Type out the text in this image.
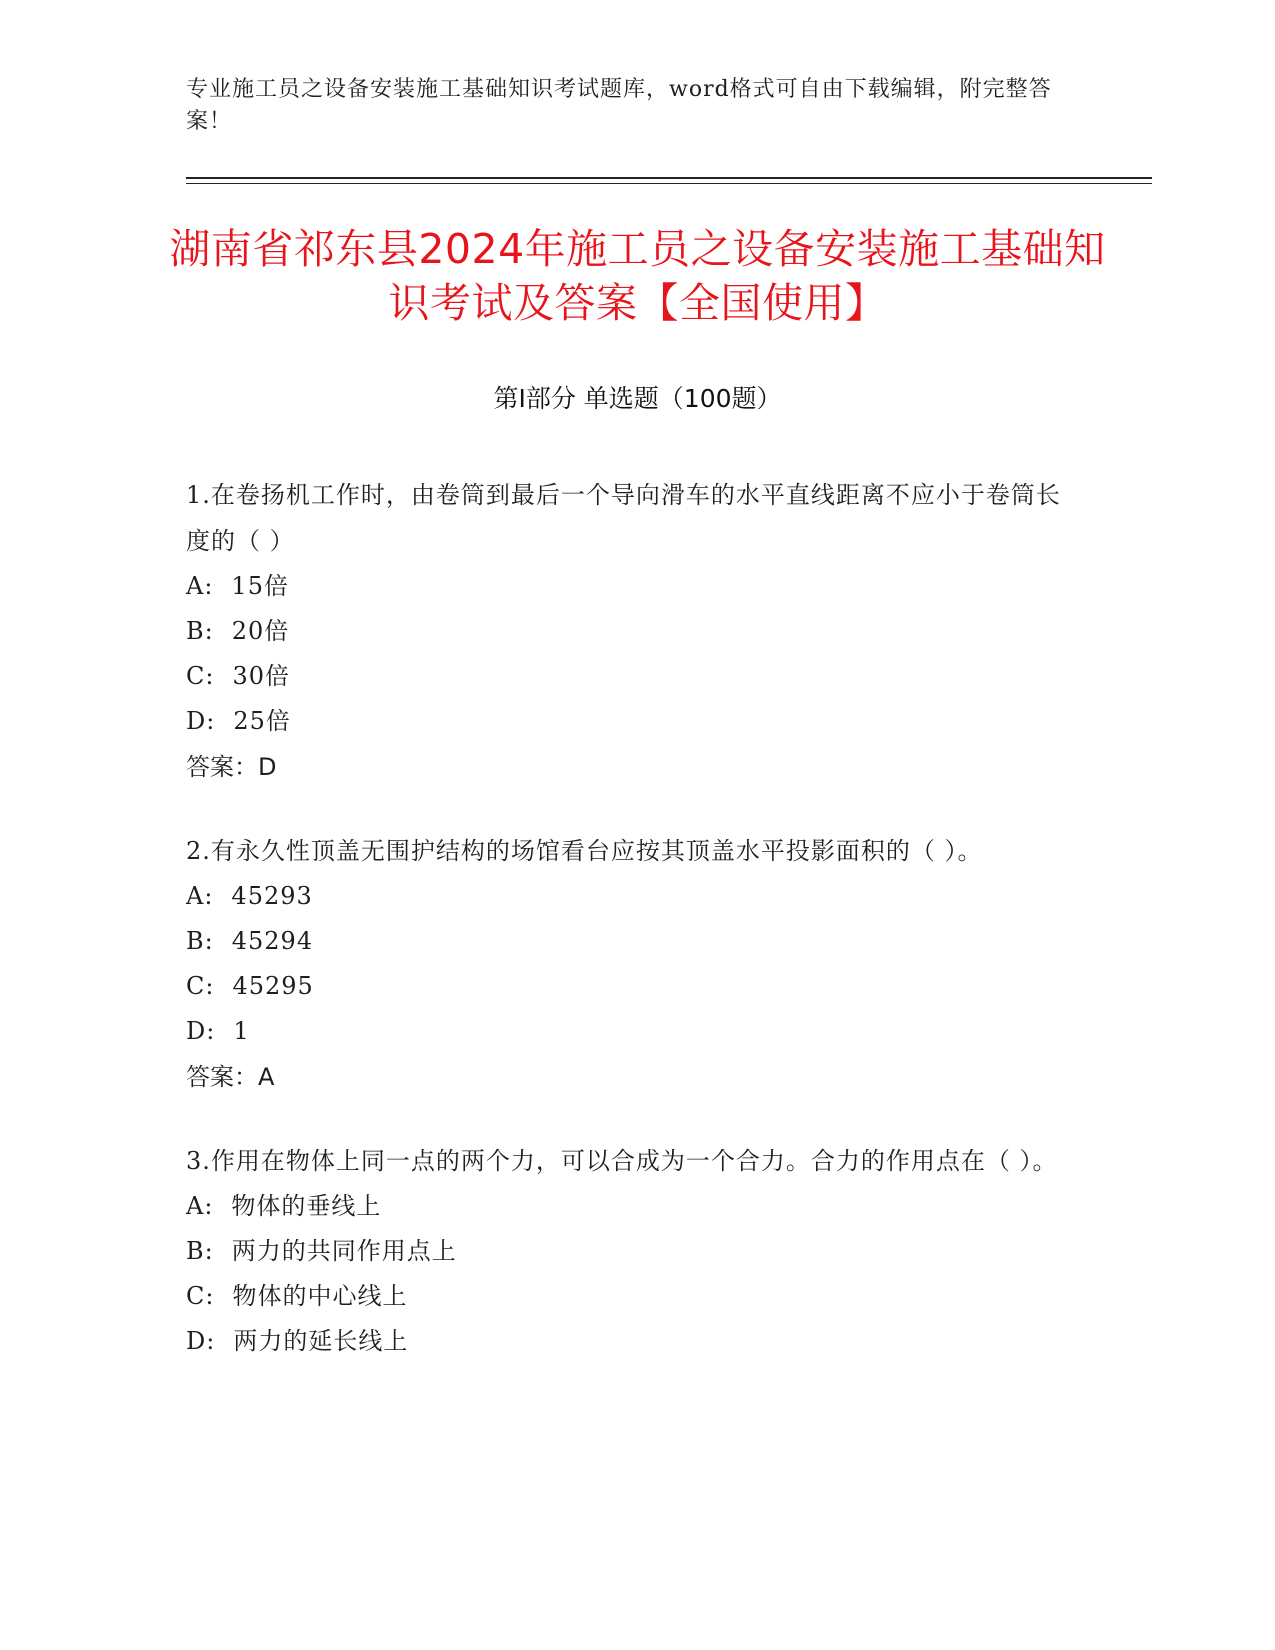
专业施工员之设备安装施工基础知识考试题库，word格式可自由下载编辑，附完整答案！
湖南省祁东县2024年施工员之设备安装施工基础知识考试及答案【全国使用】
第Ⅰ部分 单选题（100题）

1.在卷扬机工作时，由卷筒到最后一个导向滑车的水平直线距离不应小于卷筒长度的（ ）

A: 15倍

B: 20倍

C: 30倍

D: 25倍

答案：D

2.有永久性顶盖无围护结构的场馆看台应按其顶盖水平投影面积的（ ）。

A: 45293

B: 45294

C: 45295

D: 1

答案：A

3.作用在物体上同一点的两个力，可以合成为一个合力。合力的作用点在（ ）。

A: 物体的垂线上

B: 两力的共同作用点上

C: 物体的中心线上

D: 两力的延长线上
